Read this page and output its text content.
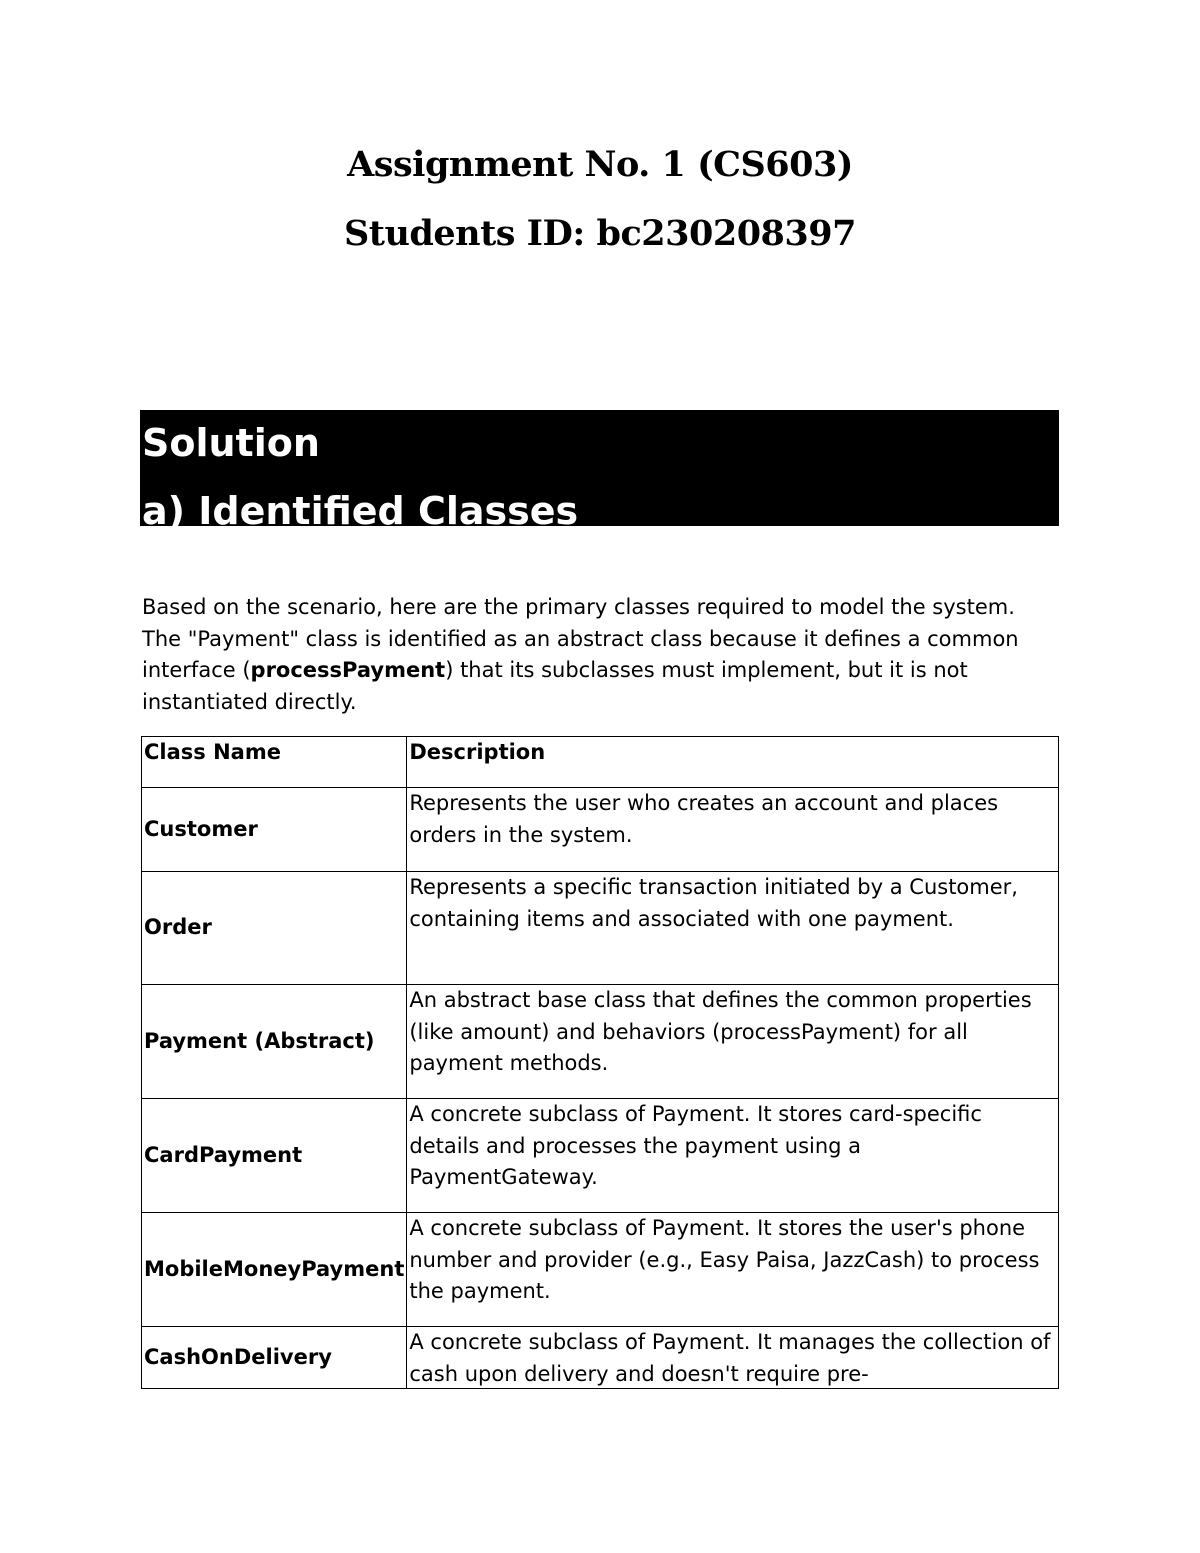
Assignment No. 1 (CS603)
Students ID: bc230208397
Solution
a) Identified Classes

Based on the scenario, here are the primary classes required to model the system. The "Payment" class is identified as an abstract class because it defines a common interface (processPayment) that its subclasses must implement, but it is not instantiated directly.

Class Name	Description
Customer	Represents the user who creates an account and places orders in the system.
Order	Represents a specific transaction initiated by a Customer, containing items and associated with one payment.
Payment (Abstract)	An abstract base class that defines the common properties (like amount) and behaviors (processPayment) for all payment methods.
CardPayment	A concrete subclass of Payment. It stores card-specific details and processes the payment using a PaymentGateway.
MobileMoneyPayment	A concrete subclass of Payment. It stores the user's phone number and provider (e.g., Easy Paisa, JazzCash) to process the payment.
CashOnDelivery	A concrete subclass of Payment. It manages the collection of cash upon delivery and doesn't require pre-
